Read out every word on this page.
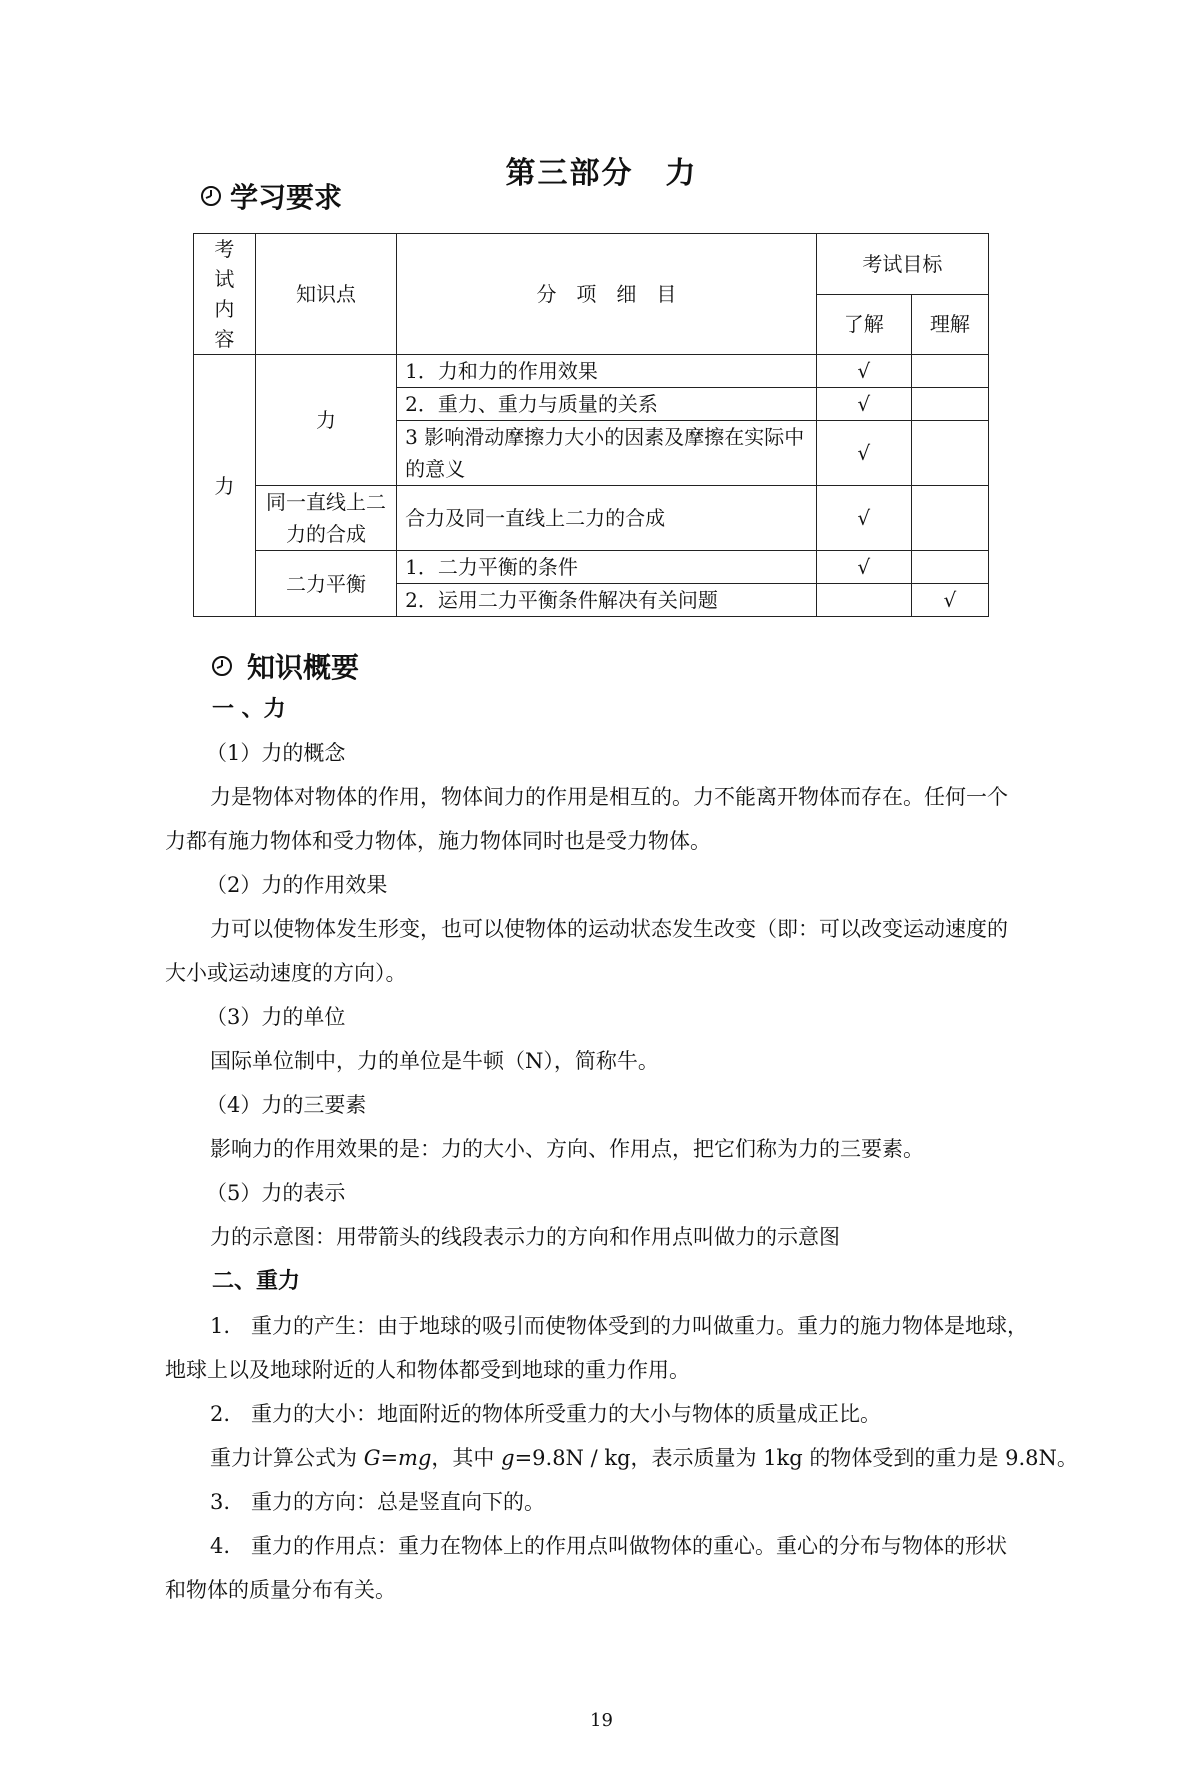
第三部分　力
学习要求
考
试
内
容	知识点	分　项　细　目	考试目标	
			了解	理解
力	力	1．力和力的作用效果	√	
		2．重力、重力与质量的关系	√	
		3 影响滑动摩擦力大小的因素及摩擦在实际中的意义	√	
	同一直线上二力的合成	合力及同一直线上二力的合成	√	
	二力平衡	1．二力平衡的条件	√	
		2．运用二力平衡条件解决有关问题		√
知识概要
一 、力
（1）力的概念
力是物体对物体的作用，物体间力的作用是相互的。力不能离开物体而存在。任何一个
力都有施力物体和受力物体，施力物体同时也是受力物体。
（2）力的作用效果
力可以使物体发生形变，也可以使物体的运动状态发生改变（即：可以改变运动速度的
大小或运动速度的方向）。
（3）力的单位
国际单位制中，力的单位是牛顿（N），简称牛。
（4）力的三要素
影响力的作用效果的是：力的大小、方向、作用点，把它们称为力的三要素。
（5）力的表示
力的示意图：用带箭头的线段表示力的方向和作用点叫做力的示意图
二、重力
1.　重力的产生：由于地球的吸引而使物体受到的力叫做重力。重力的施力物体是地球，
地球上以及地球附近的人和物体都受到地球的重力作用。
2.　重力的大小：地面附近的物体所受重力的大小与物体的质量成正比。
重力计算公式为 G=mg，其中 g=9.8N / kg，表示质量为 1kg 的物体受到的重力是 9.8N。
3.　重力的方向：总是竖直向下的。
4.　重力的作用点：重力在物体上的作用点叫做物体的重心。重心的分布与物体的形状
和物体的质量分布有关。
19
